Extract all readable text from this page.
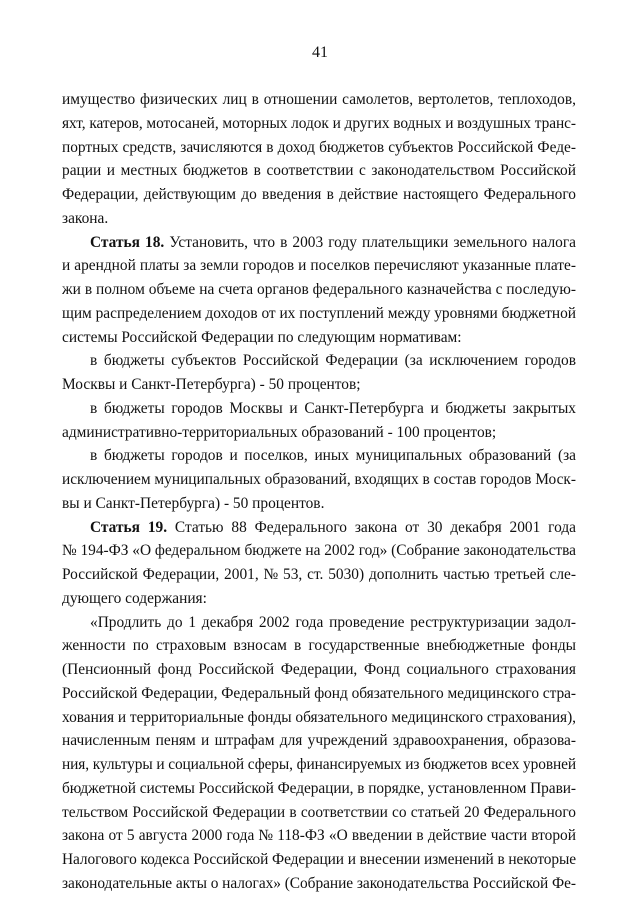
41
имущество физических лиц в отношении самолетов, вертолетов, теплоходов,
яхт, катеров, мотосаней, моторных лодок и других водных и воздушных транс-
портных средств, зачисляются в доход бюджетов субъектов Российской Феде-
рации и местных бюджетов в соответствии с законодательством Российской
Федерации, действующим до введения в действие настоящего Федерального
закона.
Статья 18. Установить, что в 2003 году плательщики земельного налога
и арендной платы за земли городов и поселков перечисляют указанные плате-
жи в полном объеме на счета органов федерального казначейства с последую-
щим распределением доходов от их поступлений между уровнями бюджетной
системы Российской Федерации по следующим нормативам:
в бюджеты субъектов Российской Федерации (за исключением городов
Москвы и Санкт-Петербурга) - 50 процентов;
в бюджеты городов Москвы и Санкт-Петербурга и бюджеты закрытых
административно-территориальных образований - 100 процентов;
в бюджеты городов и поселков, иных муниципальных образований (за
исключением муниципальных образований, входящих в состав городов Моск-
вы и Санкт-Петербурга) - 50 процентов.
Статья 19. Статью 88 Федерального закона от 30 декабря 2001 года
№ 194-ФЗ «О федеральном бюджете на 2002 год» (Собрание законодательства
Российской Федерации, 2001, № 53, ст. 5030) дополнить частью третьей сле-
дующего содержания:
«Продлить до 1 декабря 2002 года проведение реструктуризации задол-
женности по страховым взносам в государственные внебюджетные фонды
(Пенсионный фонд Российской Федерации, Фонд социального страхования
Российской Федерации, Федеральный фонд обязательного медицинского стра-
хования и территориальные фонды обязательного медицинского страхования),
начисленным пеням и штрафам для учреждений здравоохранения, образова-
ния, культуры и социальной сферы, финансируемых из бюджетов всех уровней
бюджетной системы Российской Федерации, в порядке, установленном Прави-
тельством Российской Федерации в соответствии со статьей 20 Федерального
закона от 5 августа 2000 года № 118-ФЗ «О введении в действие части второй
Налогового кодекса Российской Федерации и внесении изменений в некоторые
законодательные акты о налогах» (Собрание законодательства Российской Фе-
